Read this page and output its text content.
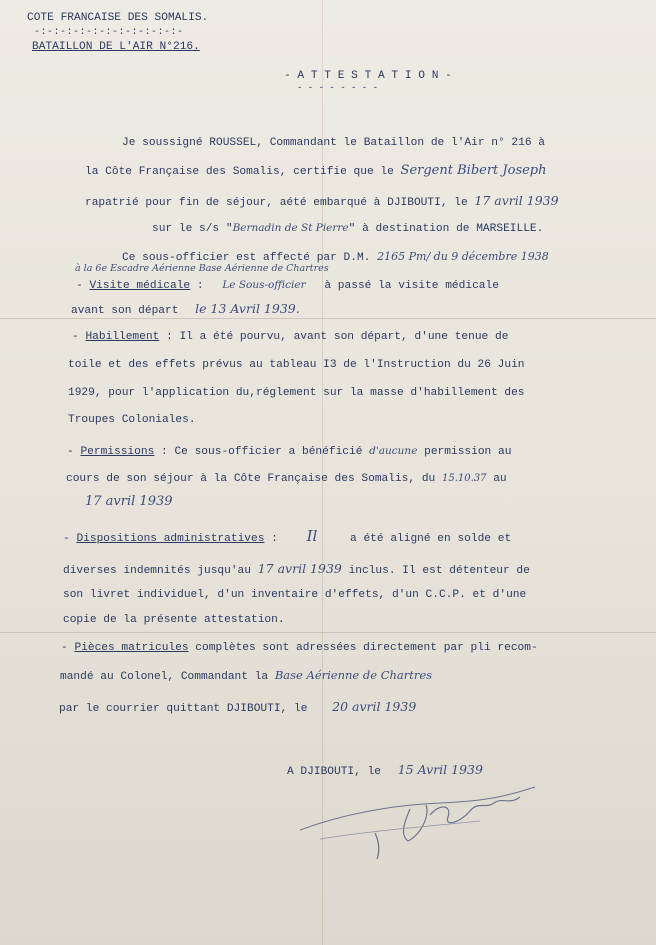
COTE FRANCAISE DES SOMALIS.
-:-:-:-:-:-:-:-:-:-:-:-
BATAILLON DE L'AIR N°216.
- A T T E S T A T I O N -
- - - - - - - -
Je soussigné ROUSSEL, Commandant le Bataillon de l'Air n° 216 à
la Côte Française des Somalis, certifie que le Sergent Bibert Joseph
rapatrié pour fin de séjour, aété embarqué à DJIBOUTI, le 17 avril 1939
sur le s/s "Bernadin de St Pierre" à destination de MARSEILLE.
Ce sous-officier est affecté par D.M. 2165 Pm/ du 9 décembre 1938
à la 6e Escadre Aérienne Base Aérienne de Chartres
- Visite médicale : Le Sous-officier à passé la visite médicale
avant son départ le 13 Avril 1939.
- Habillement : Il a été pourvu, avant son départ, d'une tenue de
toile et des effets prévus au tableau I3 de l'Instruction du 26 Juin
1929, pour l'application du,réglement sur la masse d'habillement des
Troupes Coloniales.
- Permissions : Ce sous-officier a bénéficié d'aucune permission au
cours de son séjour à la Côte Française des Somalis, du 15.10.37 au
17 avril 1939
- Dispositions administratives : Il	a été aligné en solde et
diverses indemnités jusqu'au 17 avril 1939 inclus. Il est détenteur de
son livret individuel, d'un inventaire d'effets, d'un C.C.P. et d'une
copie de la présente attestation.
- Pièces matricules complètes sont adressées directement par pli recom-
mandé au Colonel, Commandant la Base Aérienne de Chartres
par le courrier quittant DJIBOUTI, le 20 avril 1939
A DJIBOUTI, le 15 Avril 1939
